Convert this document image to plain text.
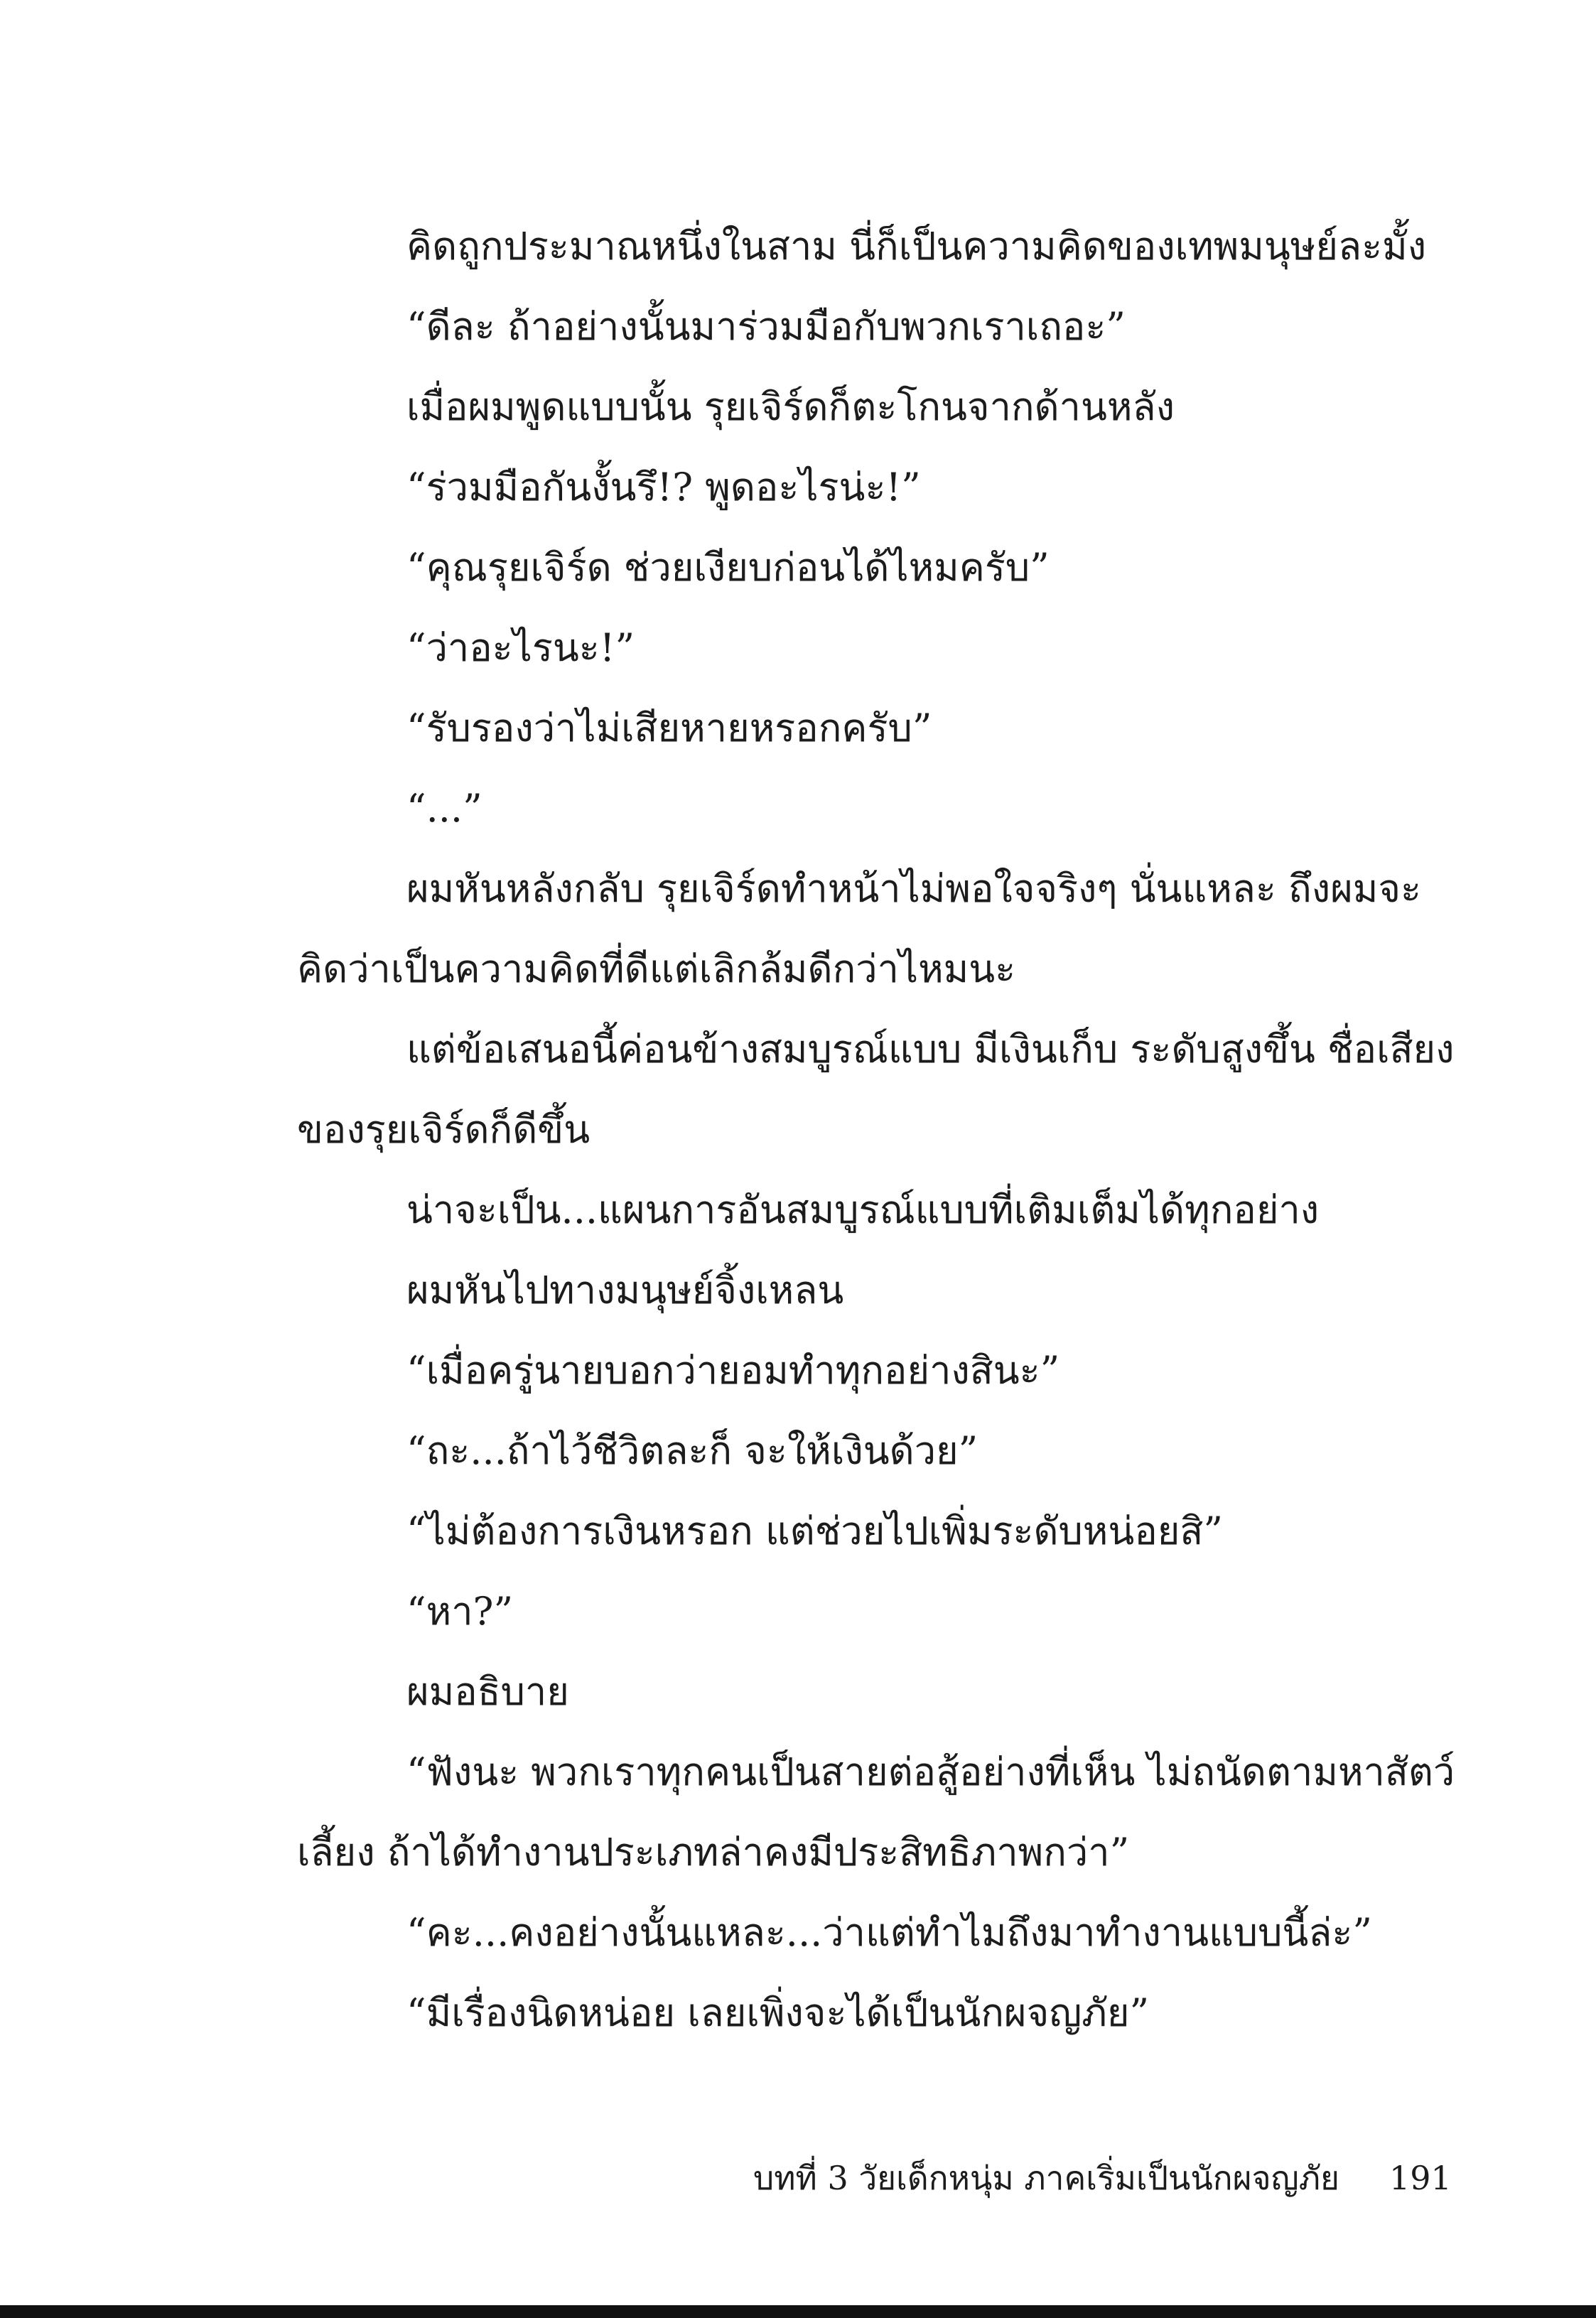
คิดถูกประมาณหนึ่งในสาม นี่ก็เป็นความคิดของเทพมนุษย์ละมั้ง

“ดีละ ถ้าอย่างนั้นมาร่วมมือกับพวกเราเถอะ”

เมื่อผมพูดแบบนั้น รุยเจิร์ดก็ตะโกนจากด้านหลัง

“ร่วมมือกันงั้นรึ!? พูดอะไรน่ะ!”

“คุณรุยเจิร์ด ช่วยเงียบก่อนได้ไหมครับ”

“ว่าอะไรนะ!”

“รับรองว่าไม่เสียหายหรอกครับ”

“...”

ผมหันหลังกลับ รุยเจิร์ดทำหน้าไม่พอใจจริงๆ นั่นแหละ ถึงผมจะ

คิดว่าเป็นความคิดที่ดีแต่เลิกล้มดีกว่าไหมนะ

แต่ข้อเสนอนี้ค่อนข้างสมบูรณ์แบบ มีเงินเก็บ ระดับสูงขึ้น ชื่อเสียง

ของรุยเจิร์ดก็ดีขึ้น

น่าจะเป็น...แผนการอันสมบูรณ์แบบที่เติมเต็มได้ทุกอย่าง

ผมหันไปทางมนุษย์จิ้งเหลน

“เมื่อครู่นายบอกว่ายอมทำทุกอย่างสินะ”

“ถะ...ถ้าไว้ชีวิตละก็ จะให้เงินด้วย”

“ไม่ต้องการเงินหรอก แต่ช่วยไปเพิ่มระดับหน่อยสิ”

“หา?”

ผมอธิบาย

“ฟังนะ พวกเราทุกคนเป็นสายต่อสู้อย่างที่เห็น ไม่ถนัดตามหาสัตว์

เลี้ยง ถ้าได้ทำงานประเภทล่าคงมีประสิทธิภาพกว่า”

“คะ...คงอย่างนั้นแหละ...ว่าแต่ทำไมถึงมาทำงานแบบนี้ล่ะ”

“มีเรื่องนิดหน่อย เลยเพิ่งจะได้เป็นนักผจญภัย”

บทที่ 3 วัยเด็กหนุ่ม ภาคเริ่มเป็นนักผจญภัย 191
